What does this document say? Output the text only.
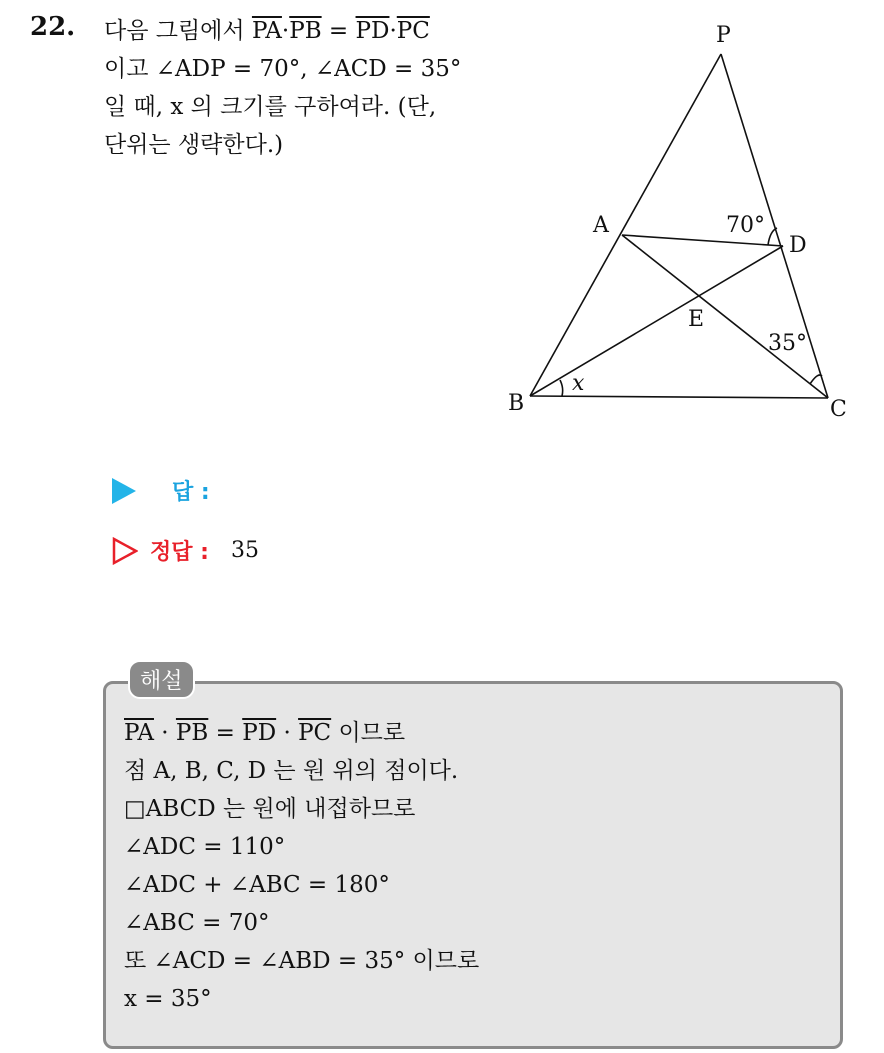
22. 다음 그림에서 $\overline{PA}\cdot\overline{PB} = \overline{PD}\cdot\overline{PC}$
이고 ∠ADP = 70°, ∠ACD = 35°
일 때, x 의 크기를 구하여라. (단,
단위는 생략한다.)
P
A
D
E
B	C
70°
35°
x
답 :
정답 : 35
해설
$\overline{PA} \cdot \overline{PB} = \overline{PD} \cdot \overline{PC}$ 이므로
점 A, B, C, D 는 원 위의 점이다.
□ABCD 는 원에 내접하므로
∠ADC = 110°
∠ADC + ∠ABC = 180°
∠ABC = 70°
또 ∠ACD = ∠ABD = 35° 이므로
x = 35°
